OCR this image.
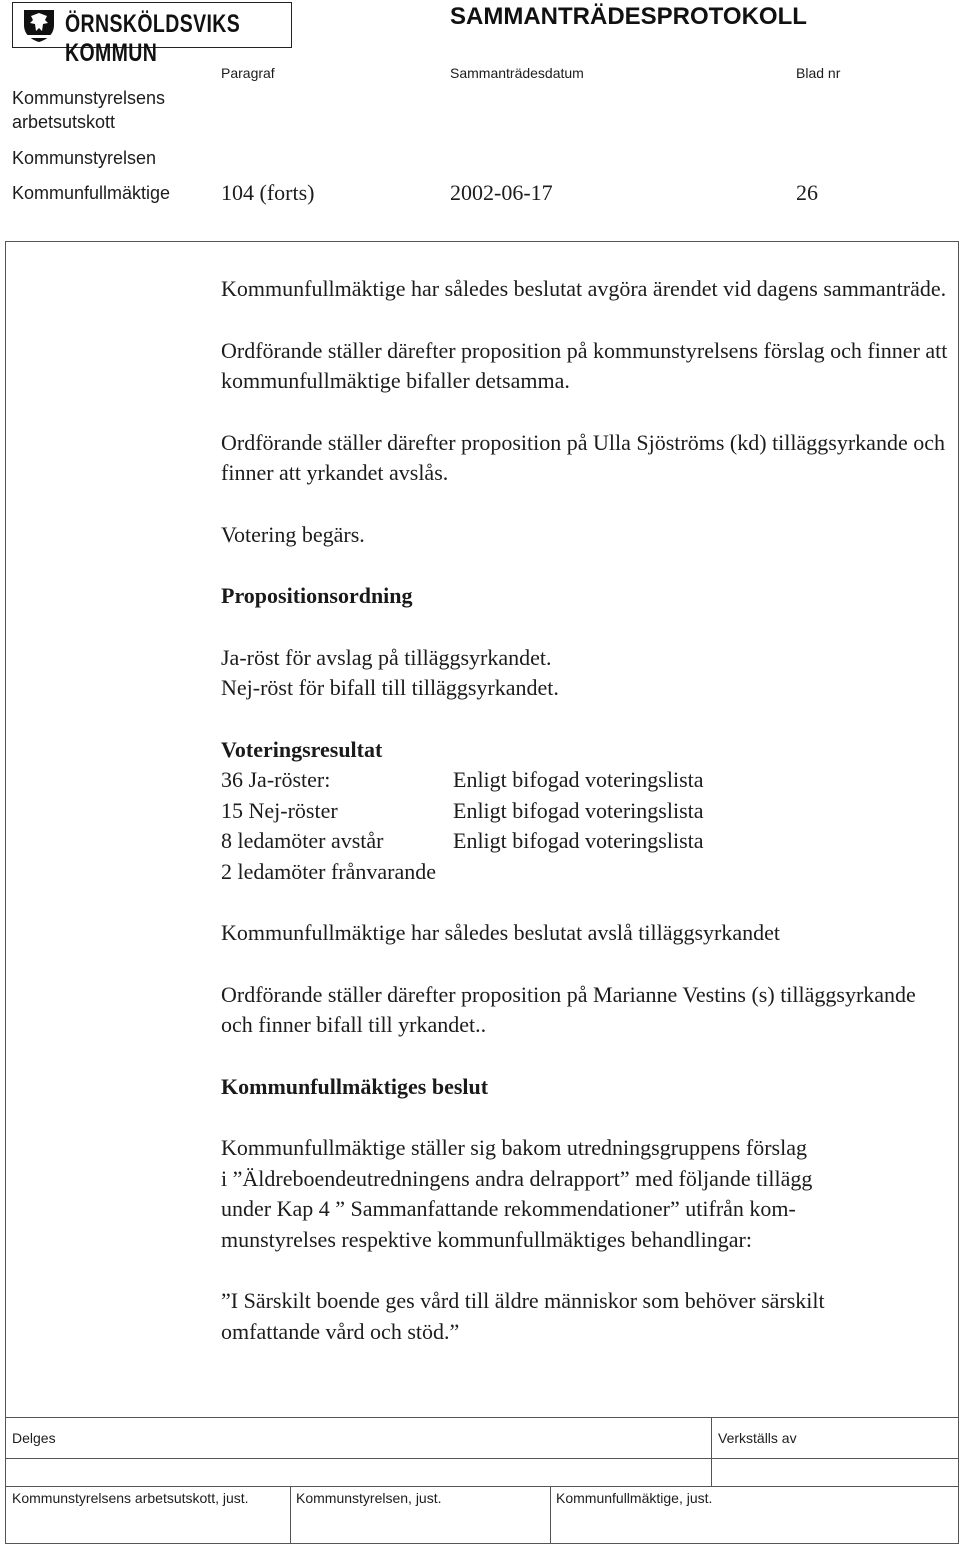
ÖRNSKÖLDSVIKS KOMMUN
SAMMANTRÄDESPROTOKOLL
Paragraf	Sammanträdesdatum	Blad nr
Kommunstyrelsens
arbetsutskott
Kommunstyrelsen
Kommunfullmäktige 104 (forts)	2002-06-17	26

Kommunfullmäktige har således beslutat avgöra ärendet vid dagens sammanträde.

Ordförande ställer därefter proposition på kommunstyrelsens förslag och finner att kommunfullmäktige bifaller detsamma.

Ordförande ställer därefter proposition på Ulla Sjöströms (kd) tilläggsyrkande och finner att yrkandet avslås.

Votering begärs.

Propositionsordning

Ja-röst för avslag på tilläggsyrkandet.

Nej-röst för bifall till tilläggsyrkandet.

Voteringsresultat

36 Ja-röster:	Enligt bifogad voteringslista
15 Nej-röster	Enligt bifogad voteringslista
8 ledamöter avstår	Enligt bifogad voteringslista
2 ledamöter frånvarande

Kommunfullmäktige har således beslutat avslå tilläggsyrkandet

Ordförande ställer därefter proposition på Marianne Vestins (s) tilläggsyrkande och finner bifall till yrkandet..

Kommunfullmäktiges beslut

Kommunfullmäktige ställer sig bakom utredningsgruppens förslag
i ”Äldreboendeutredningens andra delrapport” med följande tillägg
under Kap 4 ” Sammanfattande rekommendationer” utifrån kom-
munstyrelses respektive kommunfullmäktiges behandlingar:
”I Särskilt boende ges vård till äldre människor som behöver särskilt
omfattande vård och stöd.”
Delges	Verkställs av
Kommunstyrelsens arbetsutskott, just.	Kommunstyrelsen, just.	Kommunfullmäktige, just.
